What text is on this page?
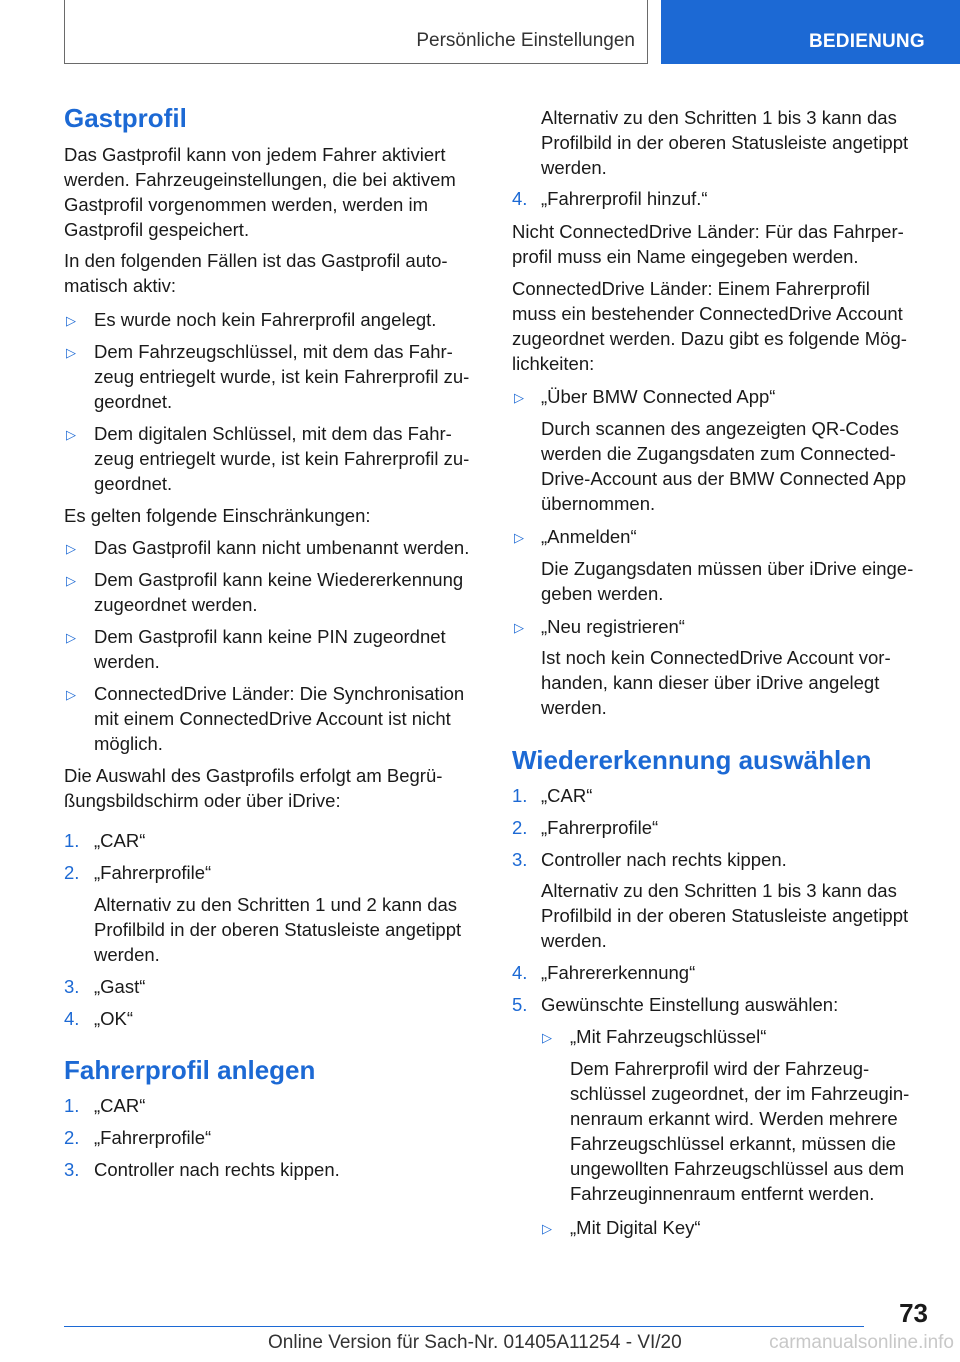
Persönliche Einstellungen	BEDIENUNG
Gastprofil
Das Gastprofil kann von jedem Fahrer aktiviert
werden. Fahrzeugeinstellungen, die bei aktivem
Gastprofil vorgenommen werden, werden im
Gastprofil gespeichert.
In den folgenden Fällen ist das Gastprofil auto‐
matisch aktiv:
▷ Es wurde noch kein Fahrerprofil angelegt.
▷ Dem Fahrzeugschlüssel, mit dem das Fahr‐
zeug entriegelt wurde, ist kein Fahrerprofil zu‐
geordnet.
▷ Dem digitalen Schlüssel, mit dem das Fahr‐
zeug entriegelt wurde, ist kein Fahrerprofil zu‐
geordnet.
Es gelten folgende Einschränkungen:
▷ Das Gastprofil kann nicht umbenannt werden.
▷ Dem Gastprofil kann keine Wiedererkennung
zugeordnet werden.
▷ Dem Gastprofil kann keine PIN zugeordnet
werden.
▷ ConnectedDrive Länder: Die Synchronisation
mit einem ConnectedDrive Account ist nicht
möglich.
Die Auswahl des Gastprofils erfolgt am Begrü‐
ßungsbildschirm oder über iDrive:
1. „CAR“
2. „Fahrerprofile“
Alternativ zu den Schritten 1 und 2 kann das
Profilbild in der oberen Statusleiste angetippt
werden.
3. „Gast“
4. „OK“
Fahrerprofil anlegen
1. „CAR“
2. „Fahrerprofile“
3. Controller nach rechts kippen.
Alternativ zu den Schritten 1 bis 3 kann das
Profilbild in der oberen Statusleiste angetippt
werden.
4. „Fahrerprofil hinzuf.“
Nicht ConnectedDrive Länder: Für das Fahrper‐
profil muss ein Name eingegeben werden.
ConnectedDrive Länder: Einem Fahrerprofil
muss ein bestehender ConnectedDrive Account
zugeordnet werden. Dazu gibt es folgende Mög‐
lichkeiten:
▷ „Über BMW Connected App“
Durch scannen des angezeigten QR-Codes
werden die Zugangsdaten zum Connected‐
Drive-Account aus der BMW Connected App
übernommen.
▷ „Anmelden“
Die Zugangsdaten müssen über iDrive einge‐
geben werden.
▷ „Neu registrieren“
Ist noch kein ConnectedDrive Account vor‐
handen, kann dieser über iDrive angelegt
werden.
Wiedererkennung auswählen
1. „CAR“
2. „Fahrerprofile“
3. Controller nach rechts kippen.
Alternativ zu den Schritten 1 bis 3 kann das
Profilbild in der oberen Statusleiste angetippt
werden.
4. „Fahrererkennung“
5. Gewünschte Einstellung auswählen:
▷ „Mit Fahrzeugschlüssel“
Dem Fahrerprofil wird der Fahrzeug‐
schlüssel zugeordnet, der im Fahrzeugin‐
nenraum erkannt wird. Werden mehrere
Fahrzeugschlüssel erkannt, müssen die
ungewollten Fahrzeugschlüssel aus dem
Fahrzeuginnenraum entfernt werden.
▷ „Mit Digital Key“
73
Online Version für Sach-Nr. 01405A11254 - VI/20	carmanualsonline.info
